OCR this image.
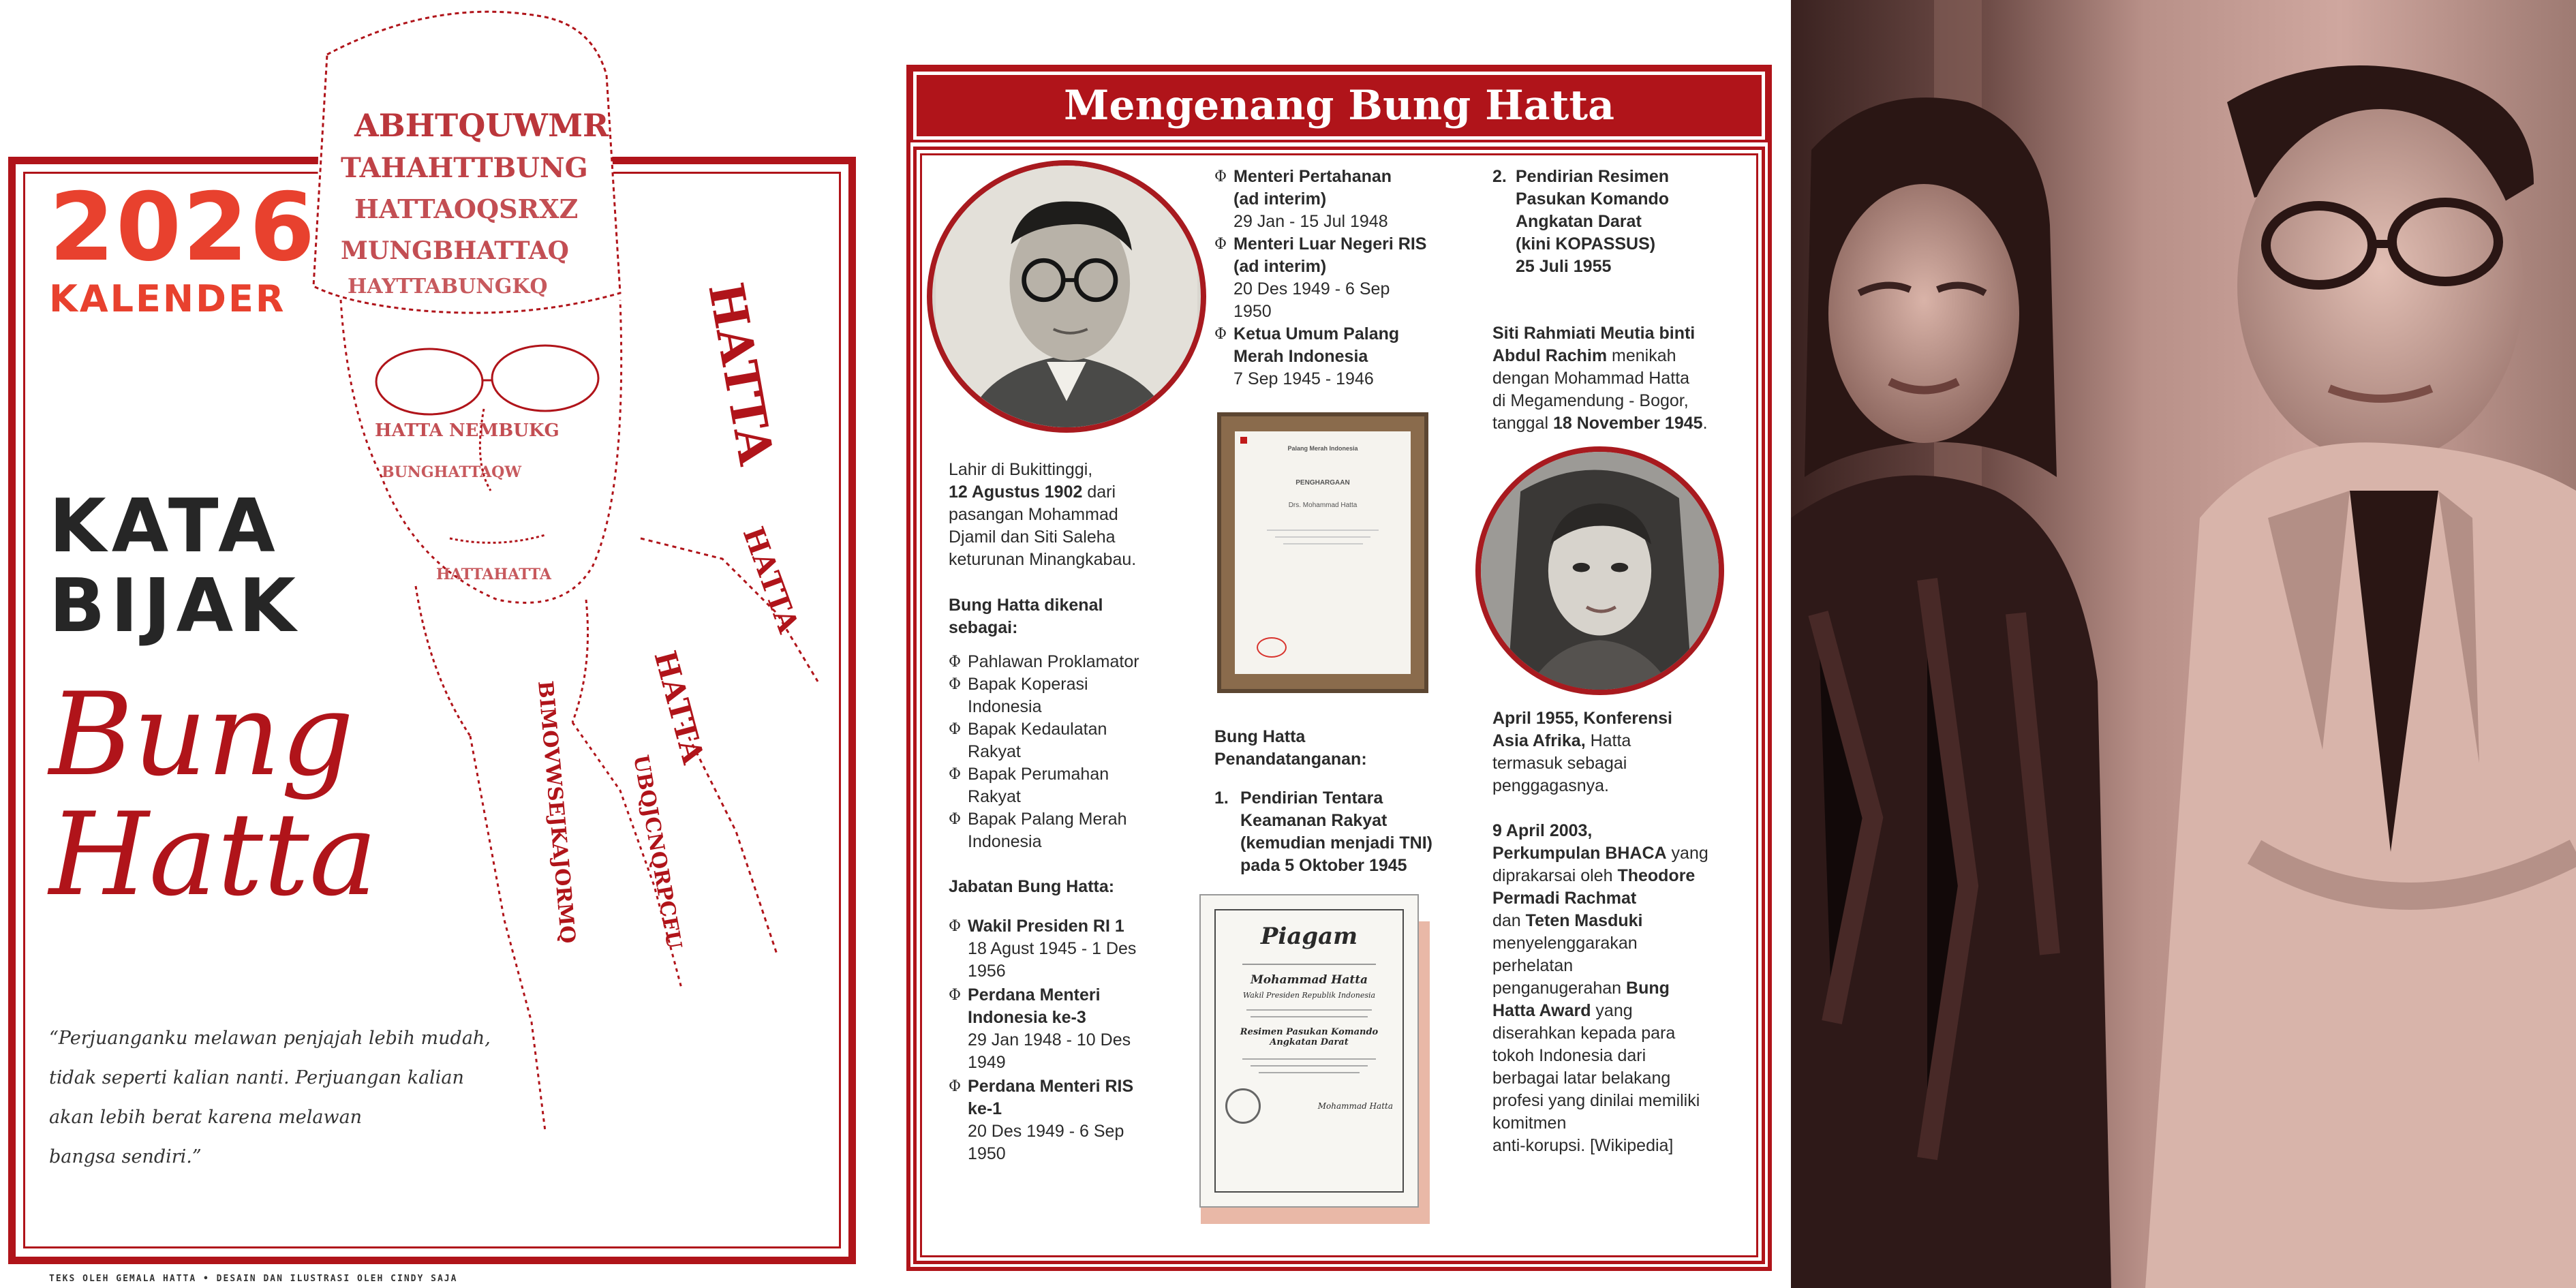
ABHTQUWMR
TAHAHTTBUNG
HATTAOQSRXZ
MUNGBHATTAQ
HAYTTABUNGKQ	HATTA
HATTA NEMBUKG
BUNGHATTAQW
HATTAHATTA
HATTA
BIMOVWSEJKAJORMQ UBQJCNQRPCFU
HATTA
2026
KALENDER
KATA
BIJAK
Bung
Hatta
“Perjuanganku melawan penjajah lebih mudah,
tidak seperti kalian nanti. Perjuangan kalian
akan lebih berat karena melawan
bangsa sendiri.”
TEKS OLEH GEMALA HATTA • DESAIN DAN ILUSTRASI OLEH CINDY SAJA
Mengenang Bung Hatta
Lahir di Bukittinggi,
12 Agustus 1902 dari
pasangan Mohammad
Djamil dan Siti Saleha
keturunan Minangkabau.
Bung Hatta dikenal
sebagai:
Φ Pahlawan Proklamator
Φ Bapak Koperasi
Indonesia
Φ Bapak Kedaulatan
Rakyat
Φ Bapak Perumahan
Rakyat
Φ Bapak Palang Merah
Indonesia
Jabatan Bung Hatta:
Φ Wakil Presiden RI 1
18 Agust 1945 - 1 Des
1956
Φ Perdana Menteri
Indonesia ke-3
29 Jan 1948 - 10 Des
1949
Φ Perdana Menteri RIS
ke-1
20 Des 1949 - 6 Sep
1950
Φ Menteri Pertahanan
(ad interim)
29 Jan - 15 Jul 1948
Φ Menteri Luar Negeri RIS
(ad interim)
20 Des 1949 - 6 Sep
1950
Φ Ketua Umum Palang
Merah Indonesia
7 Sep 1945 - 1946
Palang Merah Indonesia
PENGHARGAAN
Drs. Mohammad Hatta
Bung Hatta
Penandatanganan:
1. Pendirian Tentara
Keamanan Rakyat
(kemudian menjadi TNI)
pada 5 Oktober 1945
Piagam
Mohammad Hatta
Wakil Presiden Republik Indonesia
Resimen Pasukan Komando Angkatan Darat
Mohammad Hatta
2. Pendirian Resimen
Pasukan Komando
Angkatan Darat
(kini KOPASSUS)
25 Juli 1955
Siti Rahmiati Meutia binti
Abdul Rachim menikah
dengan Mohammad Hatta
di Megamendung - Bogor,
tanggal 18 November 1945.
April 1955, Konferensi
Asia Afrika, Hatta
termasuk sebagai
penggagasnya.
9 April 2003,
Perkumpulan BHACA yang
diprakarsai oleh Theodore
Permadi Rachmat
dan Teten Masduki
menyelenggarakan
perhelatan
penganugerahan Bung
Hatta Award yang
diserahkan kepada para
tokoh Indonesia dari
berbagai latar belakang
profesi yang dinilai memiliki
komitmen
anti-korupsi. [Wikipedia]
